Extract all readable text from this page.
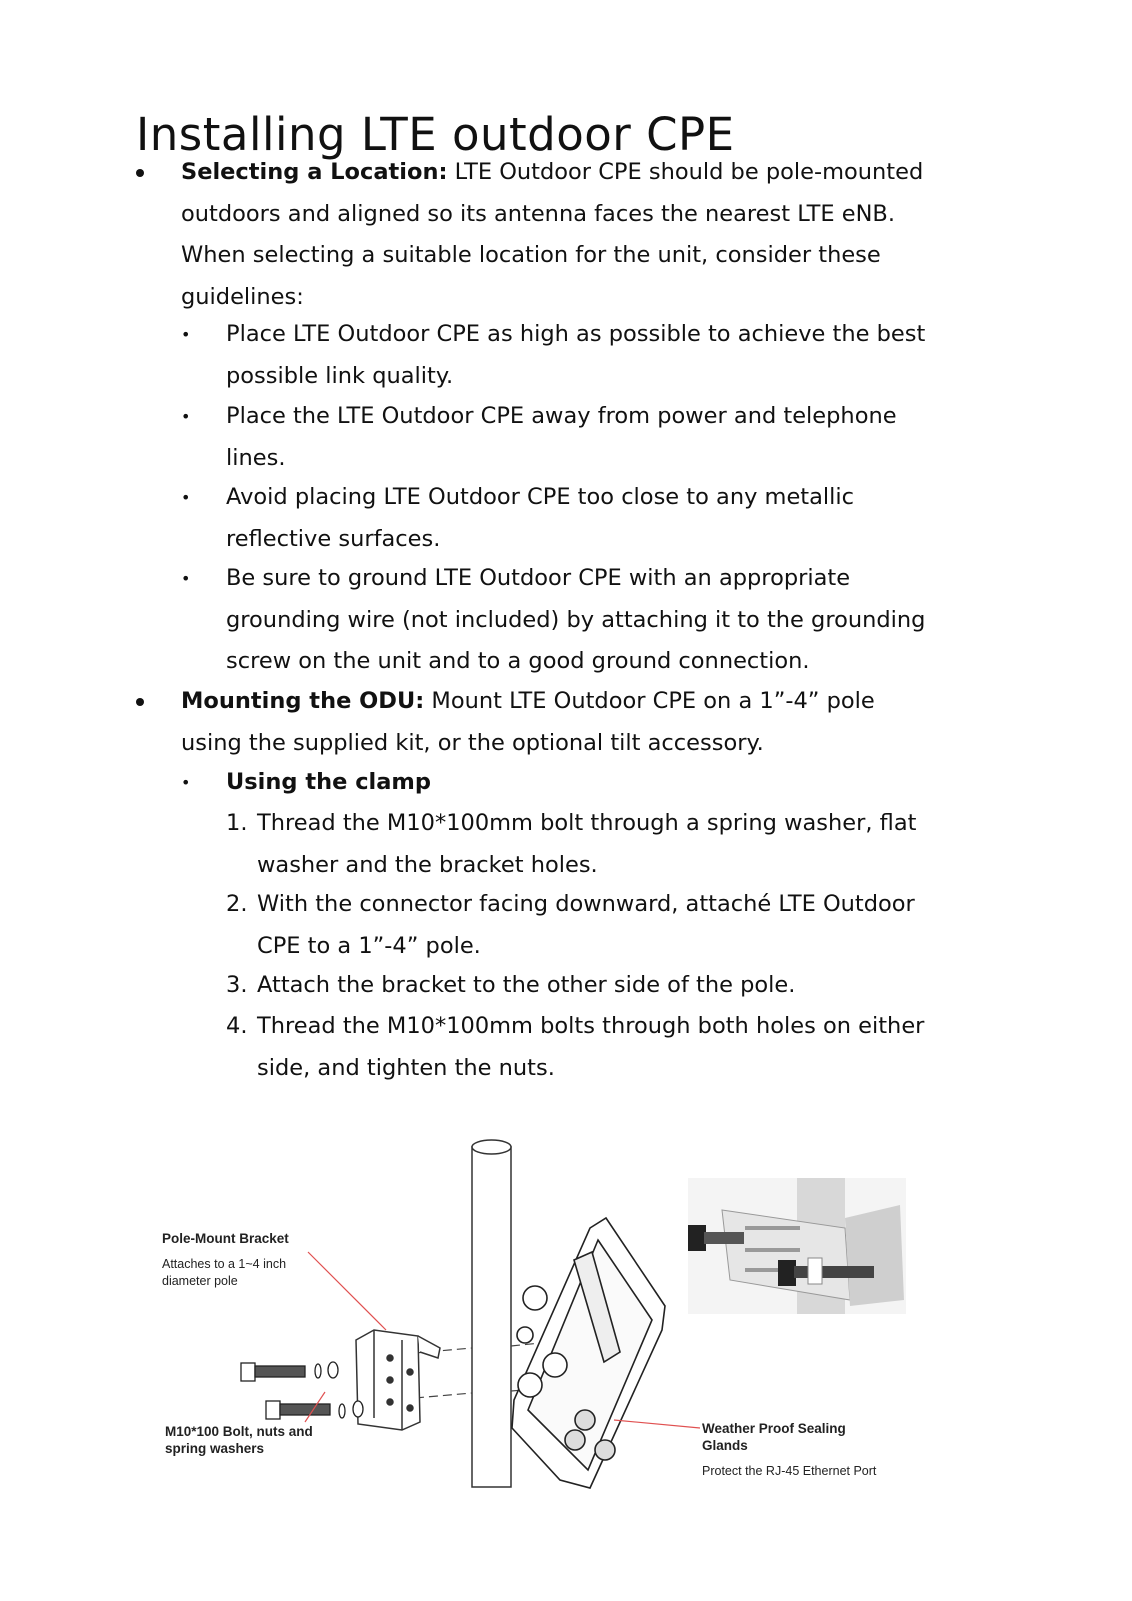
Installing LTE outdoor CPE
Selecting a Location: LTE Outdoor CPE should be pole-mounted
outdoors and aligned so its antenna faces the nearest LTE eNB.
When selecting a suitable location for the unit, consider these
guidelines:
• Place LTE Outdoor CPE as high as possible to achieve the best
possible link quality.
• Place the LTE Outdoor CPE away from power and telephone
lines.
• Avoid placing LTE Outdoor CPE too close to any metallic
reflective surfaces.
• Be sure to ground LTE Outdoor CPE with an appropriate
grounding wire (not included) by attaching it to the grounding
screw on the unit and to a good ground connection.
Mounting the ODU: Mount LTE Outdoor CPE on a 1”-4” pole
using the supplied kit, or the optional tilt accessory.
• Using the clamp
1. Thread the M10*100mm bolt through a spring washer, flat
washer and the bracket holes.
2. With the connector facing downward, attaché LTE Outdoor
CPE to a 1”-4” pole.
3. Attach the bracket to the other side of the pole.
4. Thread the M10*100mm bolts through both holes on either
side, and tighten the nuts.
Pole-Mount Bracket
Attaches to a 1~4 inch
diameter pole
M10*100 Bolt, nuts and
spring washers
Weather Proof Sealing
Glands
Protect the RJ-45 Ethernet Port
